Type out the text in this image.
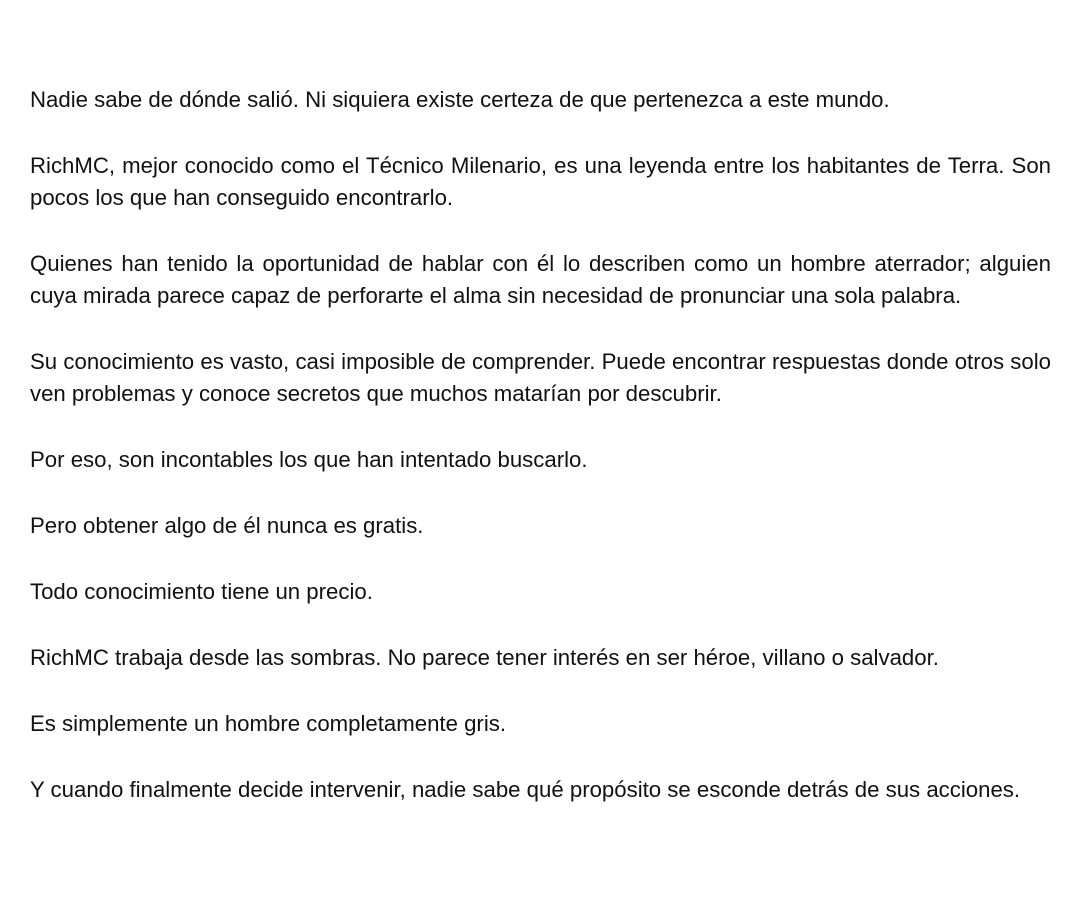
Nadie sabe de dónde salió. Ni siquiera existe certeza de que pertenezca a este mundo.

RichMC, mejor conocido como el Técnico Milenario, es una leyenda entre los habitantes de Terra. Son pocos los que han conseguido encontrarlo.

Quienes han tenido la oportunidad de hablar con él lo describen como un hombre aterrador; alguien cuya mirada parece capaz de perforarte el alma sin necesidad de pronunciar una sola palabra.

Su conocimiento es vasto, casi imposible de comprender. Puede encontrar respuestas donde otros solo ven problemas y conoce secretos que muchos matarían por descubrir.

Por eso, son incontables los que han intentado buscarlo.

Pero obtener algo de él nunca es gratis.

Todo conocimiento tiene un precio.

RichMC trabaja desde las sombras. No parece tener interés en ser héroe, villano o salvador.

Es simplemente un hombre completamente gris.

Y cuando finalmente decide intervenir, nadie sabe qué propósito se esconde detrás de sus acciones.
